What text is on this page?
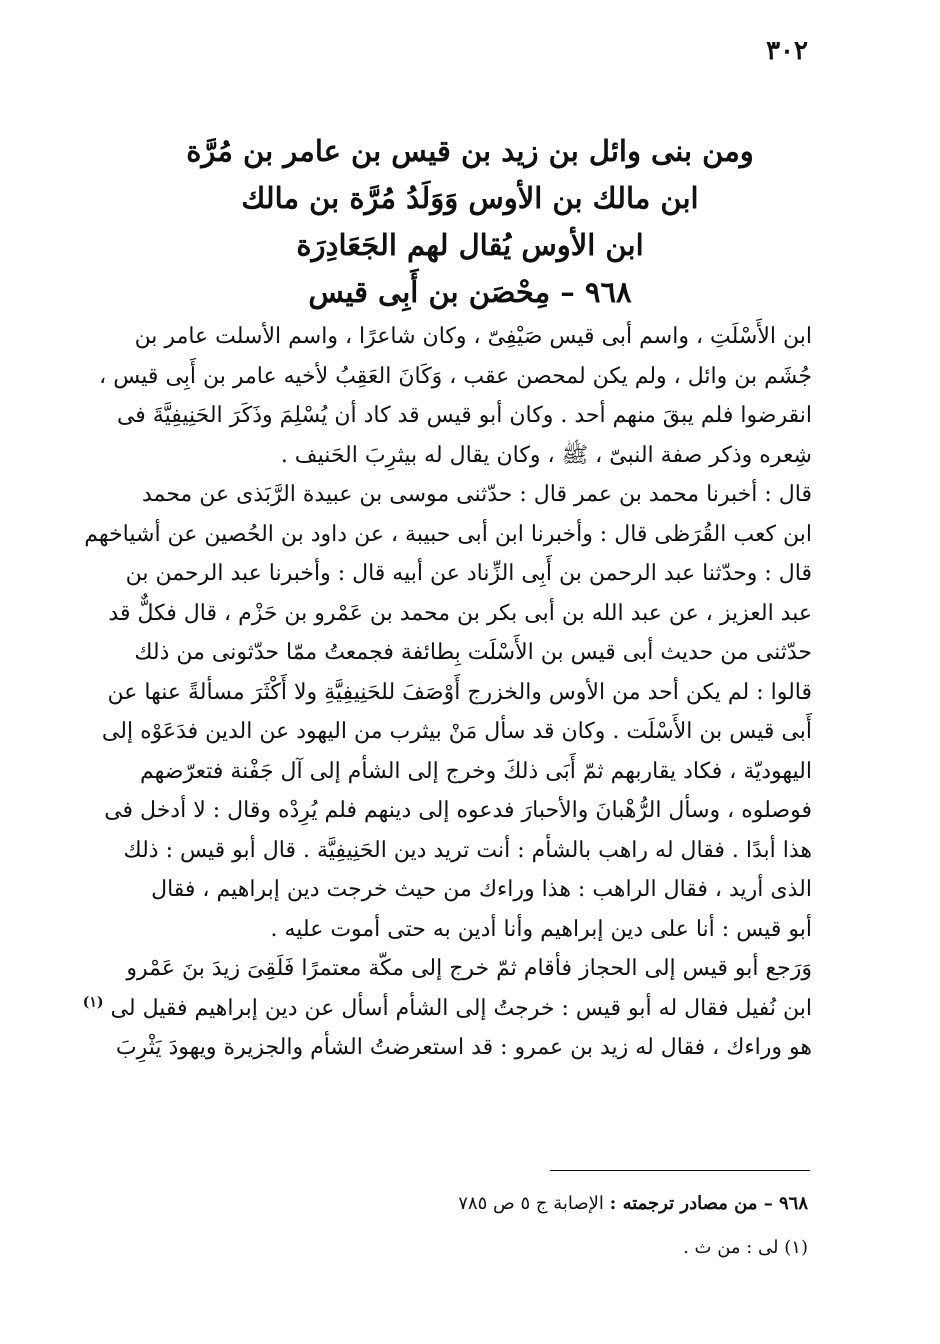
٣٠٢
ومن بنى وائل بن زيد بن قيس بن عامر بن مُرَّة
ابن مالك بن الأوس وَوَلَدُ مُرَّة بن مالك
ابن الأوس يُقال لهم الجَعَادِرَة
٩٦٨ – مِحْصَن بن أَبِى قيس

ابن الأَسْلَتِ ، واسم أبى قيس صَيْفِىّ ، وكان شاعرًا ، واسم الأسلت عامر بن
جُشَم بن وائل ، ولم يكن لمحصن عقب ، وَكَانَ العَقِبُ لأخيه عامر بن أَبِى قيس ،
انقرضوا فلم يبقَ منهم أحد . وكان أبو قيس قد كاد أن يُسْلِمَ وذَكَرَ الحَنِيفِيَّةَ فى
شِعره وذكر صفة النبىّ ، ﷺ ، وكان يقال له بيثرِبَ الحَنيف .

قال : أخبرنا محمد بن عمر قال : حدّثنى موسى بن عبيدة الرَّبَذى عن محمد
ابن كعب القُرَظى قال : وأخبرنا ابن أبى حبيبة ، عن داود بن الحُصين عن أشياخهم
قال : وحدّثنا عبد الرحمن بن أَبِى الزِّناد عن أبيه قال : وأخبرنا عبد الرحمن بن
عبد العزيز ، عن عبد الله بن أبى بكر بن محمد بن عَمْرو بن حَزْم ، قال فكلٌّ قد
حدّثنى من حديث أبى قيس بن الأَسْلَت بِطائفة فجمعتُ ممّا حدّثونى من ذلك
قالوا : لم يكن أحد من الأوس والخزرج أَوْصَفَ للحَنِيفِيَّةِ ولا أَكْثَرَ مسألةً عنها عن
أَبى قيس بن الأَسْلَت . وكان قد سأل مَنْ بيثرب من اليهود عن الدين فدَعَوْه إلى
اليهوديّة ، فكاد يقاربهم ثمّ أَبَى ذلكَ وخرج إلى الشأم إلى آل جَفْنة فتعرّضهم
فوصلوه ، وسأل الرُّهْبانَ والأحبارَ فدعوه إلى دينهم فلم يُرِدْه وقال : لا أدخل فى
هذا أبدًا . فقال له راهب بالشأم : أنت تريد دين الحَنِيفِيَّة . قال أبو قيس : ذلك
الذى أريد ، فقال الراهب : هذا وراءك من حيث خرجت دين إبراهيم ، فقال
أبو قيس : أنا على دين إبراهيم وأنا أدين به حتى أموت عليه .

وَرَجع أبو قيس إلى الحجاز فأقام ثمّ خرج إلى مكّة معتمرًا فَلَقِىَ زيدَ بنَ عَمْرو
ابن نُفيل فقال له أبو قيس : خرجتُ إلى الشأم أسأل عن دين إبراهيم فقيل لى $^{(١)}$
هو وراءك ، فقال له زيد بن عمرو : قد استعرضتُ الشأم والجزيرة ويهودَ يَثْرِبَ

٩٦٨ – من مصادر ترجمته : الإصابة ج ٥ ص ٧٨٥
(١) لى : من ث .
